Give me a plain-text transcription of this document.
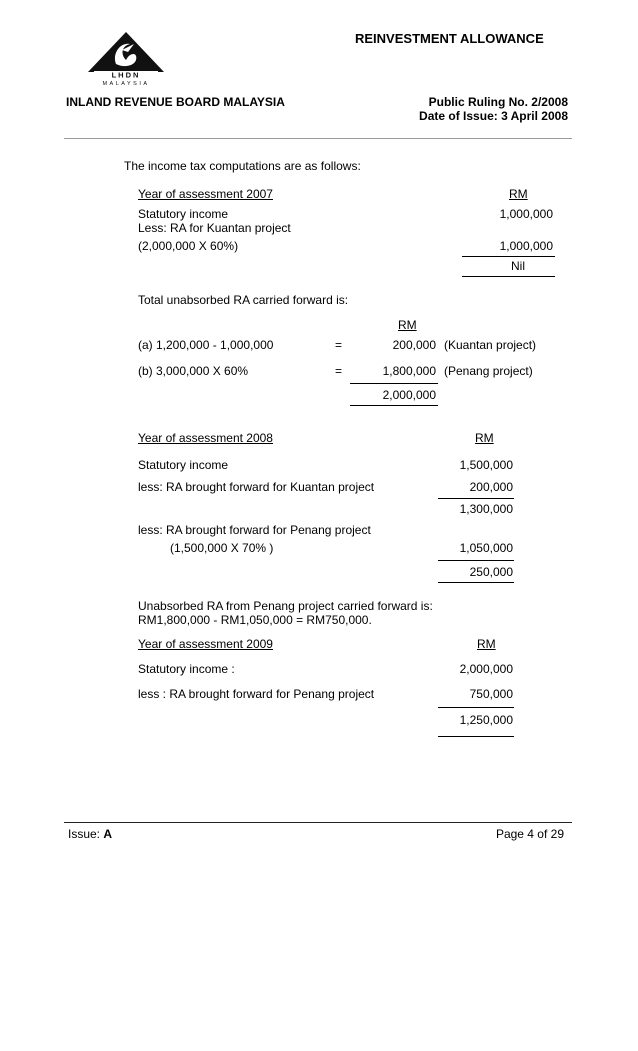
LHDN
MALAYSIA
REINVESTMENT ALLOWANCE
INLAND REVENUE BOARD MALAYSIA	Public Ruling No. 2/2008
Date of Issue: 3 April 2008
The income tax computations are as follows:
Year of assessment 2007	RM
Statutory income	1,000,000
Less: RA for Kuantan project
(2,000,000 X 60%)	1,000,000
Nil
Total unabsorbed RA carried forward is:
RM
(a) 1,200,000 - 1,000,000	=	200,000 (Kuantan project)
(b) 3,000,000 X 60%	=	1,800,000 (Penang project)
2,000,000
Year of assessment 2008	RM
Statutory income	1,500,000
less: RA brought forward for Kuantan project	200,000
1,300,000
less: RA brought forward for Penang project
(1,500,000 X 70% )	1,050,000
250,000
Unabsorbed RA from Penang project carried forward is:
RM1,800,000 - RM1,050,000 = RM750,000.
Year of assessment 2009	RM
Statutory income :	2,000,000
less : RA brought forward for Penang project	750,000
1,250,000
Issue: A	Page 4 of 29
